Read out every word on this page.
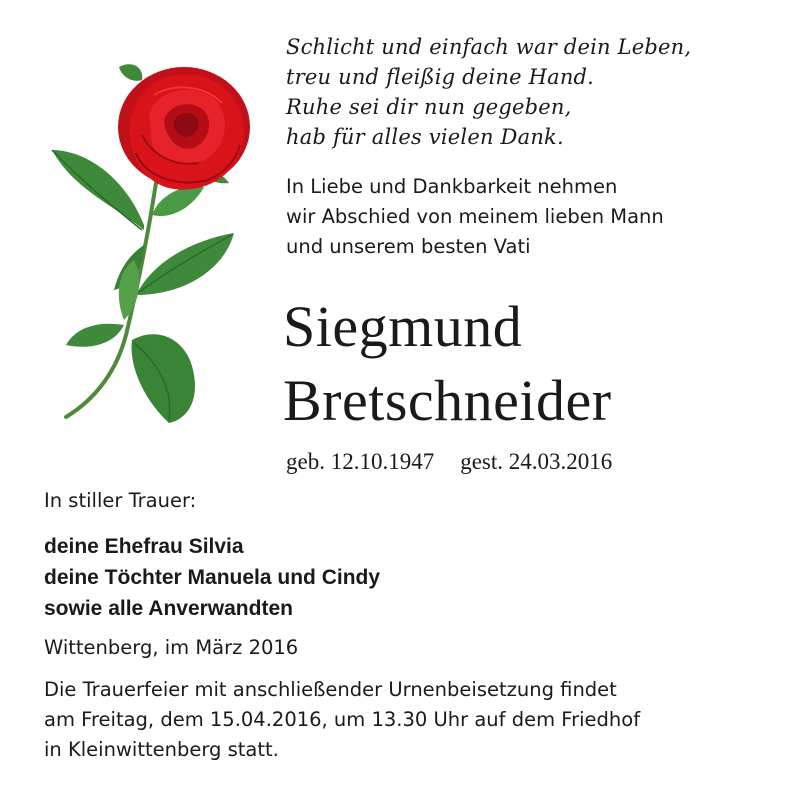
Schlicht und einfach war dein Leben,
treu und fleißig deine Hand.
Ruhe sei dir nun gegeben,
hab für alles vielen Dank.
In Liebe und Dankbarkeit nehmen
wir Abschied von meinem lieben Mann
und unserem besten Vati
Siegmund
Bretschneider
geb. 12.10.1947 gest. 24.03.2016
In stiller Trauer:
deine Ehefrau Silvia
deine Töchter Manuela und Cindy
sowie alle Anverwandten
Wittenberg, im März 2016
Die Trauerfeier mit anschließender Urnenbeisetzung findet
am Freitag, dem 15.04.2016, um 13.30 Uhr auf dem Friedhof
in Kleinwittenberg statt.
